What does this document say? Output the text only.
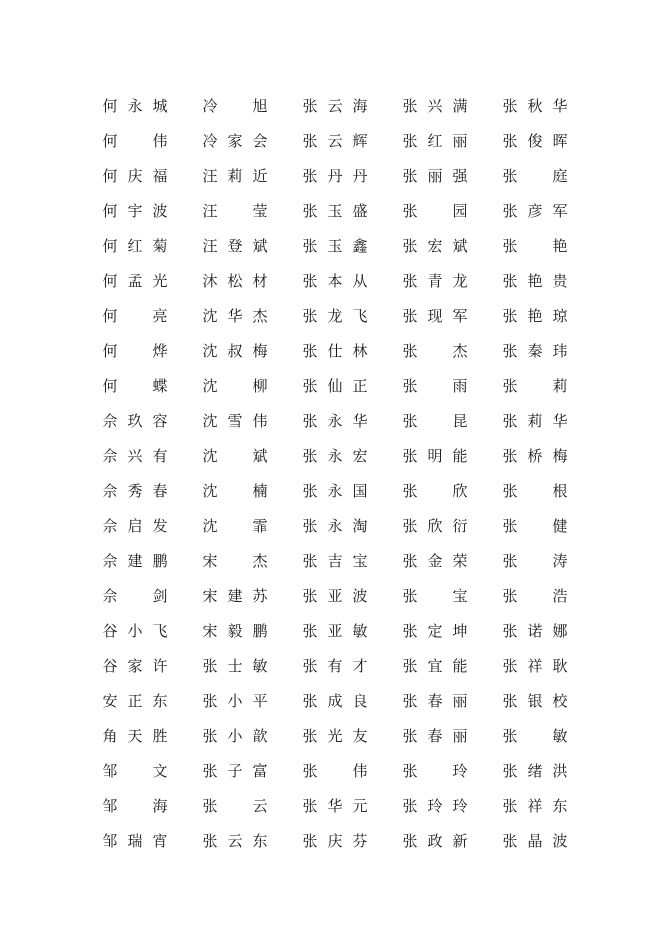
何 永 城 冷 旭 张 云 海 张 兴 满 张 秋 华
何 伟 冷 家 会 张 云 辉 张 红 丽 张 俊 晖
何 庆 福 汪 莉 近 张 丹 丹 张 丽 强 张 庭
何 宇 波 汪 莹 张 玉 盛 张 园 张 彦 军
何 红 菊 汪 登 斌 张 玉 鑫 张 宏 斌 张 艳
何 孟 光 沐 松 材 张 本 从 张 青 龙 张 艳 贵
何 亮 沈 华 杰 张 龙 飞 张 现 军 张 艳 琼
何 烨 沈 叔 梅 张 仕 林 张 杰 张 秦 玮
何 蝶 沈 柳 张 仙 正 张 雨 张 莉
佘 玖 容 沈 雪 伟 张 永 华 张 昆 张 莉 华
佘 兴 有 沈 斌 张 永 宏 张 明 能 张 桥 梅
佘 秀 春 沈 楠 张 永 国 张 欣 张 根
佘 启 发 沈 霏 张 永 淘 张 欣 衍 张 健
佘 建 鹏 宋 杰 张 吉 宝 张 金 荣 张 涛
佘 剑 宋 建 苏 张 亚 波 张 宝 张 浩
谷 小 飞 宋 毅 鹏 张 亚 敏 张 定 坤 张 诺 娜
谷 家 许 张 士 敏 张 有 才 张 宜 能 张 祥 耿
安 正 东 张 小 平 张 成 良 张 春 丽 张 银 校
角 天 胜 张 小 歆 张 光 友 张 春 丽 张 敏
邹 文 张 子 富 张 伟 张 玲 张 绪 洪
邹 海 张 云 张 华 元 张 玲 玲 张 祥 东
邹 瑞 宵 张 云 东 张 庆 芬 张 政 新 张 晶 波
